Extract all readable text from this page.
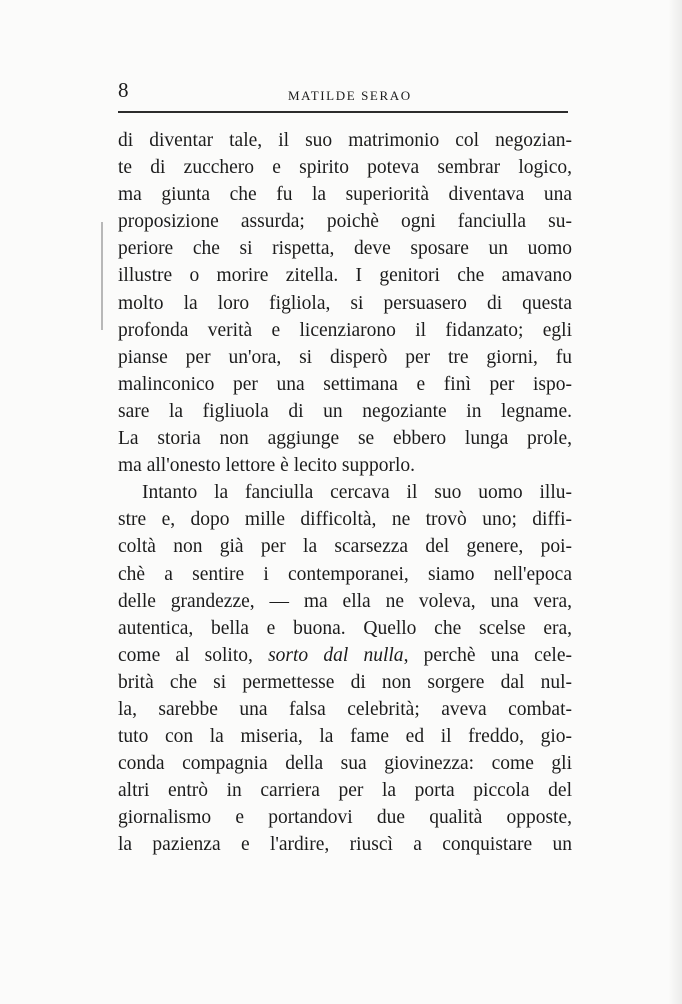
8	MATILDE SERAO
di diventar tale, il suo matrimonio col negozian-
te di zucchero e spirito poteva sembrar logico,
ma giunta che fu la superiorità diventava una
proposizione assurda; poichè ogni fanciulla su-
periore che si rispetta, deve sposare un uomo
illustre o morire zitella. I genitori che amavano
molto la loro figliola, si persuasero di questa
profonda verità e licenziarono il fidanzato; egli
pianse per un'ora, si disperò per tre giorni, fu
malinconico per una settimana e finì per ispo-
sare la figliuola di un negoziante in legname.
La storia non aggiunge se ebbero lunga prole,
ma all'onesto lettore è lecito supporlo.
Intanto la fanciulla cercava il suo uomo illu-
stre e, dopo mille difficoltà, ne trovò uno; diffi-
coltà non già per la scarsezza del genere, poi-
chè a sentire i contemporanei, siamo nell'epoca
delle grandezze, — ma ella ne voleva, una vera,
autentica, bella e buona. Quello che scelse era,
come al solito, sorto dal nulla, perchè una cele-
brità che si permettesse di non sorgere dal nul-
la, sarebbe una falsa celebrità; aveva combat-
tuto con la miseria, la fame ed il freddo, gio-
conda compagnia della sua giovinezza: come gli
altri entrò in carriera per la porta piccola del
giornalismo e portandovi due qualità opposte,
la pazienza e l'ardire, riuscì a conquistare un
